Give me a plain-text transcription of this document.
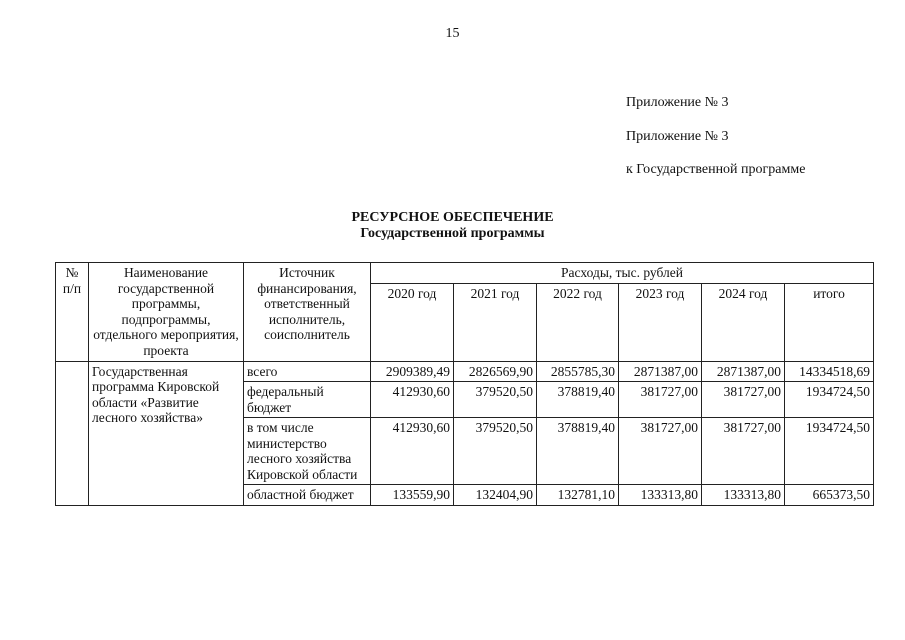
15
Приложение № 3
Приложение № 3
к Государственной программе
РЕСУРСНОЕ ОБЕСПЕЧЕНИЕ
Государственной программы
№ п/п	Наименование государственной программы, подпрограммы, отдельного мероприятия, проекта	Источник финансирования, ответственный исполнитель, соисполнитель	Расходы, тыс. рублей					
			2020 год	2021 год	2022 год	2023 год	2024 год	итого
	Государственная программа Кировской области «Развитие лесного хозяйства»	всего	2909389,49	2826569,90	2855785,30	2871387,00	2871387,00	14334518,69
		федеральный бюджет	412930,60	379520,50	378819,40	381727,00	381727,00	1934724,50
		в том числе министерство лесного хозяйства Кировской области	412930,60	379520,50	378819,40	381727,00	381727,00	1934724,50
		областной бюджет	133559,90	132404,90	132781,10	133313,80	133313,80	665373,50
